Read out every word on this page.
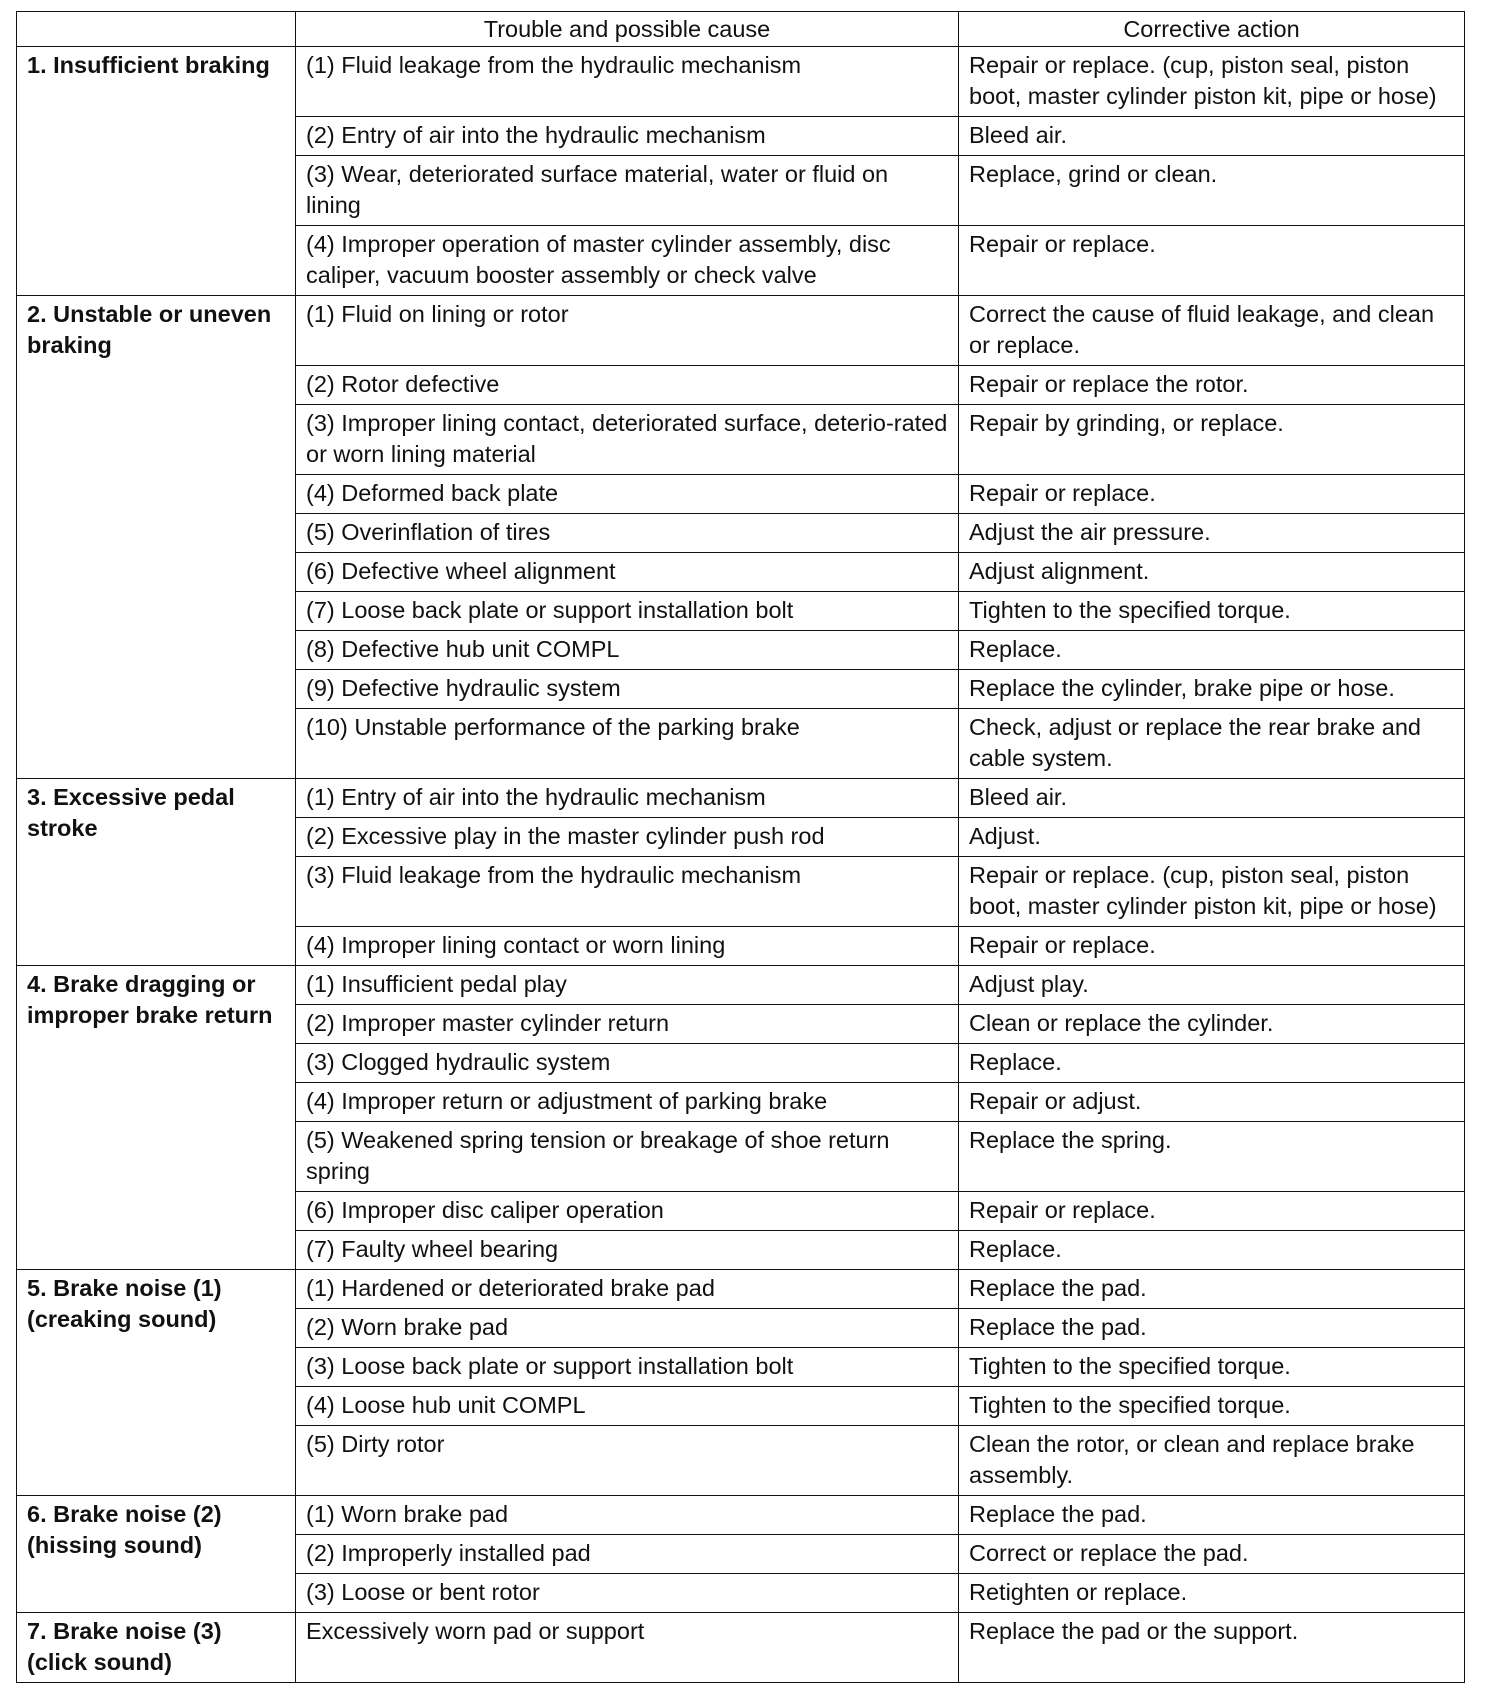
	Trouble and possible cause	Corrective action
1. Insufficient braking	(1) Fluid leakage from the hydraulic mechanism	Repair or replace. (cup, piston seal, piston boot, master cylinder piston kit, pipe or hose)
	(2) Entry of air into the hydraulic mechanism	Bleed air.
	(3) Wear, deteriorated surface material, water or fluid on lining	Replace, grind or clean.
	(4) Improper operation of master cylinder assembly, disc caliper, vacuum booster assembly or check valve	Repair or replace.
2. Unstable or uneven braking	(1) Fluid on lining or rotor	Correct the cause of fluid leakage, and clean or replace.
	(2) Rotor defective	Repair or replace the rotor.
	(3) Improper lining contact, deteriorated surface, deterio-rated or worn lining material	Repair by grinding, or replace.
	(4) Deformed back plate	Repair or replace.
	(5) Overinflation of tires	Adjust the air pressure.
	(6) Defective wheel alignment	Adjust alignment.
	(7) Loose back plate or support installation bolt	Tighten to the specified torque.
	(8) Defective hub unit COMPL	Replace.
	(9) Defective hydraulic system	Replace the cylinder, brake pipe or hose.
	(10) Unstable performance of the parking brake	Check, adjust or replace the rear brake and cable system.
3. Excessive pedal stroke	(1) Entry of air into the hydraulic mechanism	Bleed air.
	(2) Excessive play in the master cylinder push rod	Adjust.
	(3) Fluid leakage from the hydraulic mechanism	Repair or replace. (cup, piston seal, piston boot, master cylinder piston kit, pipe or hose)
	(4) Improper lining contact or worn lining	Repair or replace.
4. Brake dragging or improper brake return	(1) Insufficient pedal play	Adjust play.
	(2) Improper master cylinder return	Clean or replace the cylinder.
	(3) Clogged hydraulic system	Replace.
	(4) Improper return or adjustment of parking brake	Repair or adjust.
	(5) Weakened spring tension or breakage of shoe return spring	Replace the spring.
	(6) Improper disc caliper operation	Repair or replace.
	(7) Faulty wheel bearing	Replace.
5. Brake noise (1) (creaking sound)	(1) Hardened or deteriorated brake pad	Replace the pad.
	(2) Worn brake pad	Replace the pad.
	(3) Loose back plate or support installation bolt	Tighten to the specified torque.
	(4) Loose hub unit COMPL	Tighten to the specified torque.
	(5) Dirty rotor	Clean the rotor, or clean and replace brake assembly.
6. Brake noise (2) (hissing sound)	(1) Worn brake pad	Replace the pad.
	(2) Improperly installed pad	Correct or replace the pad.
	(3) Loose or bent rotor	Retighten or replace.
7. Brake noise (3) (click sound)	Excessively worn pad or support	Replace the pad or the support.
